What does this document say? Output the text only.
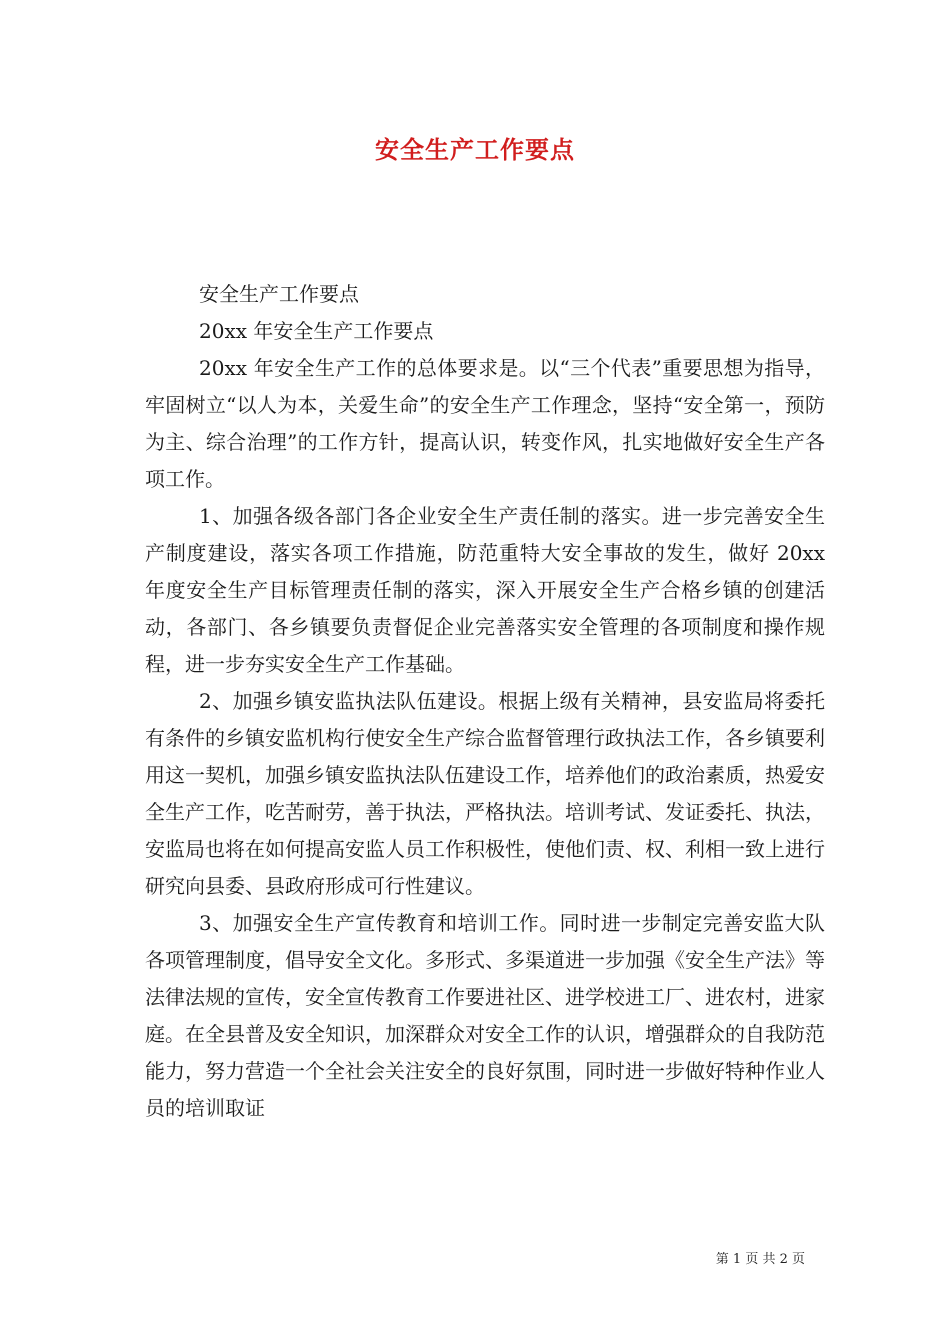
安全生产工作要点

安全生产工作要点

20xx 年安全生产工作要点

20xx 年安全生产工作的总体要求是。以“三个代表”重要思想为指导，牢固树立“以人为本，关爱生命”的安全生产工作理念，坚持“安全第一，预防为主、综合治理”的工作方针，提高认识，转变作风，扎实地做好安全生产各项工作。

1、加强各级各部门各企业安全生产责任制的落实。进一步完善安全生产制度建设，落实各项工作措施，防范重特大安全事故的发生，做好 20xx 年度安全生产目标管理责任制的落实，深入开展安全生产合格乡镇的创建活动，各部门、各乡镇要负责督促企业完善落实安全管理的各项制度和操作规程，进一步夯实安全生产工作基础。

2、加强乡镇安监执法队伍建设。根据上级有关精神，县安监局将委托有条件的乡镇安监机构行使安全生产综合监督管理行政执法工作，各乡镇要利用这一契机，加强乡镇安监执法队伍建设工作，培养他们的政治素质，热爱安全生产工作，吃苦耐劳，善于执法，严格执法。培训考试、发证委托、执法，安监局也将在如何提高安监人员工作积极性，使他们责、权、利相一致上进行研究向县委、县政府形成可行性建议。

3、加强安全生产宣传教育和培训工作。同时进一步制定完善安监大队各项管理制度，倡导安全文化。多形式、多渠道进一步加强《安全生产法》等法律法规的宣传，安全宣传教育工作要进社区、进学校进工厂、进农村，进家庭。在全县普及安全知识，加深群众对安全工作的认识，增强群众的自我防范能力，努力营造一个全社会关注安全的良好氛围，同时进一步做好特种作业人员的培训取证

第 1 页 共 2 页
